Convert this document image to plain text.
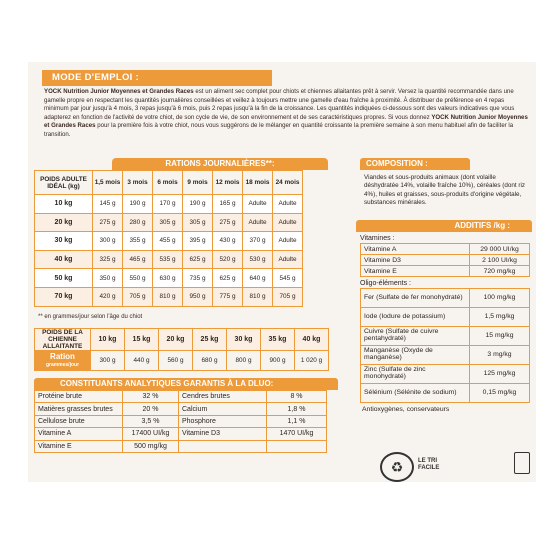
MODE D'EMPLOI :
YOCK Nutrition Junior Moyennes et Grandes Races est un aliment sec complet pour chiots et chiennes allaitantes prêt à servir. Versez la quantité recommandée dans une gamelle propre en respectant les quantités journalières conseillées et veillez à toujours mettre une gamelle d'eau fraîche à proximité. À distribuer de préférence en 4 repas minimum par jour jusqu'à 4 mois, 3 repas jusqu'à 6 mois, puis 2 repas jusqu'à la fin de la croissance. Les quantités indiquées ci-dessous sont des valeurs indicatives que vous adapterez en fonction de l'activité de votre chiot, de son cycle de vie, de son environnement et de ses caractéristiques propres. Si vous donnez YOCK Nutrition Junior Moyennes et Grandes Races pour la première fois à votre chiot, nous vous suggérons de le mélanger en quantité croissante la première semaine à son menu habituel afin de faciliter la transition.
RATIONS JOURNALIÈRES**:
POIDS ADULTE IDÉAL (kg)	1,5 mois	3 mois	6 mois	9 mois	12 mois	18 mois	24 mois
10 kg	145 g	190 g	170 g	190 g	165 g	Adulte	Adulte
20 kg	275 g	280 g	305 g	305 g	275 g	Adulte	Adulte
30 kg	300 g	355 g	455 g	395 g	430 g	370 g	Adulte
40 kg	325 g	465 g	535 g	625 g	520 g	530 g	Adulte
50 kg	350 g	550 g	630 g	735 g	625 g	640 g	545 g
70 kg	420 g	705 g	810 g	950 g	775 g	810 g	705 g
** en grammes/jour selon l'âge du chiot
POIDS DE LA CHIENNE ALLAITANTE	10 kg	15 kg	20 kg	25 kg	30 kg	35 kg	40 kg
Ration
grammes/jour	300 g	440 g	560 g	680 g	800 g	900 g	1 020 g
CONSTITUANTS ANALYTIQUES GARANTIS À LA DLUO:
Protéine brute	32 %	Cendres brutes	8 %
Matières grasses brutes	20 %	Calcium	1,8 %
Cellulose brute	3,5 %	Phosphore	1,1 %
Vitamine A	17400 UI/kg	Vitamine D3	1470 UI/kg
Vitamine E	500 mg/kg		
COMPOSITION :
Viandes et sous-produits animaux (dont volaille déshydratée 14%, volaille fraîche 10%), céréales (dont riz 4%), huiles et graisses, sous-produits d'origine végétale, substances minérales.
ADDITIFS /kg :
Vitamines :
Vitamine A	29 000 UI/kg
Vitamine D3	2 100 UI/kg
Vitamine E	720 mg/kg
Oligo-éléments :
Fer (Sulfate de fer monohydraté)	100 mg/kg
Iode (Iodure de potassium)	1,5 mg/kg
Cuivre (Sulfate de cuivre pentahydraté)	15 mg/kg
Manganèse (Oxyde de manganèse)	3 mg/kg
Zinc (Sulfate de zinc monohydraté)	125 mg/kg
Sélénium (Sélénite de sodium)	0,15 mg/kg
Antioxygènes, conservateurs
♻	LE TRI
FACILE
